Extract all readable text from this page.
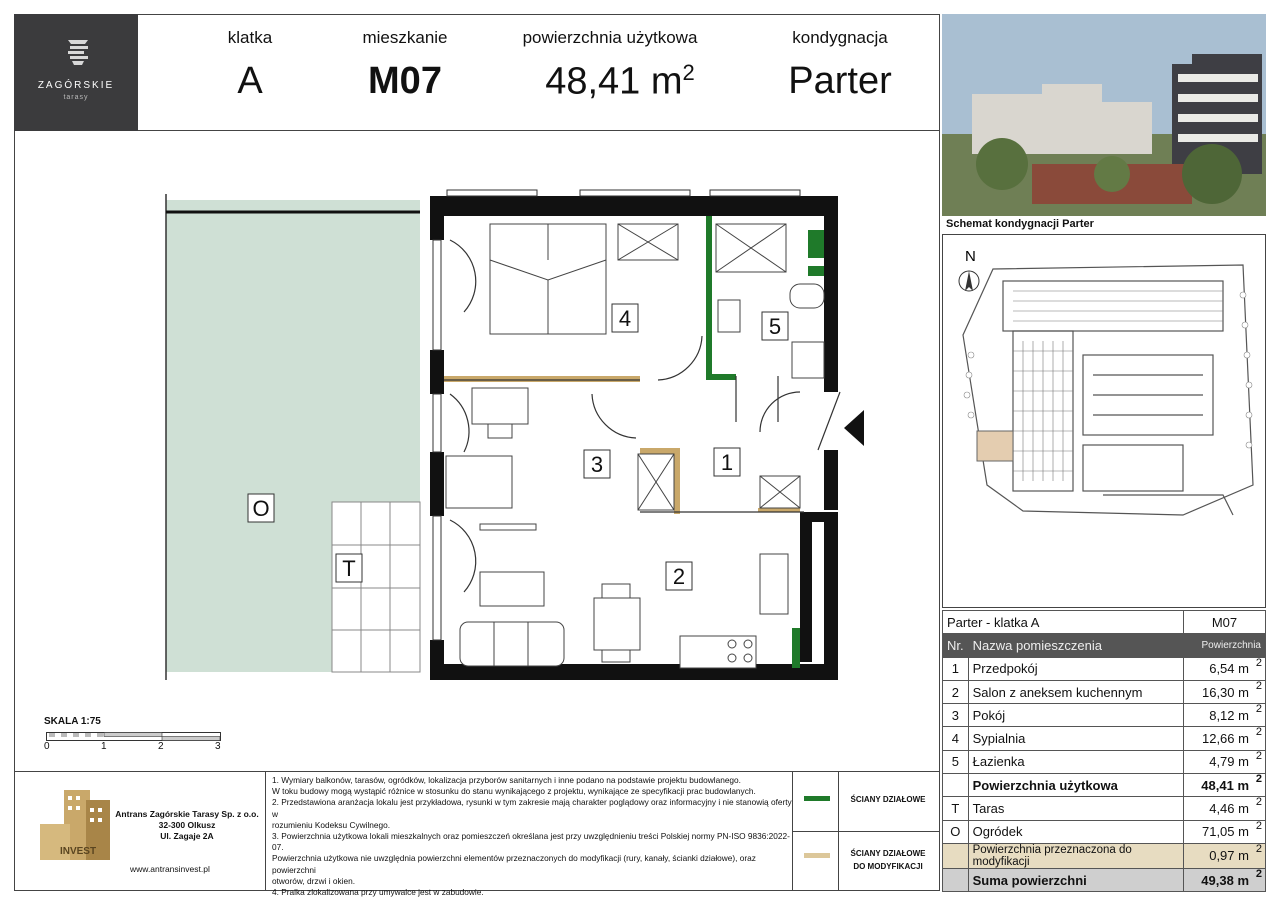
ZAGÓRSKIE
tarasy
klatka
A
mieszkanie
M07
powierzchnia użytkowa
48,41 $m^2$
kondygnacja
Parter
1
2
3
4	5
O
T
SKALA 1:75
0	1	2	3
Schemat kondygnacji Parter
N
Parter - klatka A		M07
Nr.	Nazwa pomieszczenia	Powierzchnia
1	Przedpokój	6,54 m 2

2	Salon z aneksem kuchennym	16,30 m 2

3	Pokój	8,12 m 2

4	Sypialnia	12,66 m 2

5	Łazienka	4,79 m 2

	Powierzchnia użytkowa	48,41 m 2

T	Taras	4,46 m 2

O	Ogródek	71,05 m 2

	Powierzchnia przeznaczona do modyfikacji	0,97 m 2

	Suma powierzchni	49,38 m 2
INVEST
Antrans Zagórskie Tarasy Sp. z o.o.
32-300 Olkusz
Ul. Zagaje 2A
www.antransinvest.pl
1. Wymiary balkonów, tarasów, ogródków, lokalizacja przyborów sanitarnych i inne podano na podstawie projektu budowlanego.
W toku budowy mogą wystąpić różnice w stosunku do stanu wynikającego z projektu, wynikające ze specyfikacji prac budowlanych.
2. Przedstawiona aranżacja lokalu jest przykładowa, rysunki w tym zakresie mają charakter poglądowy oraz informacyjny i nie stanowią oferty w
rozumieniu Kodeksu Cywilnego.
3. Powierzchnia użytkowa lokali mieszkalnych oraz pomieszczeń określana jest przy uwzględnieniu treści Polskiej normy PN-ISO 9836:2022-07.
Powierzchnia użytkowa nie uwzględnia powierzchni elementów przeznaczonych do modyfikacji (rury, kanały, ścianki działowe), oraz powierzchni
otworów, drzwi i okien.
4. Pralka zlokalizowana przy umywalce jest w zabudowie.
ŚCIANY DZIAŁOWE
ŚCIANY DZIAŁOWE
DO MODYFIKACJI
